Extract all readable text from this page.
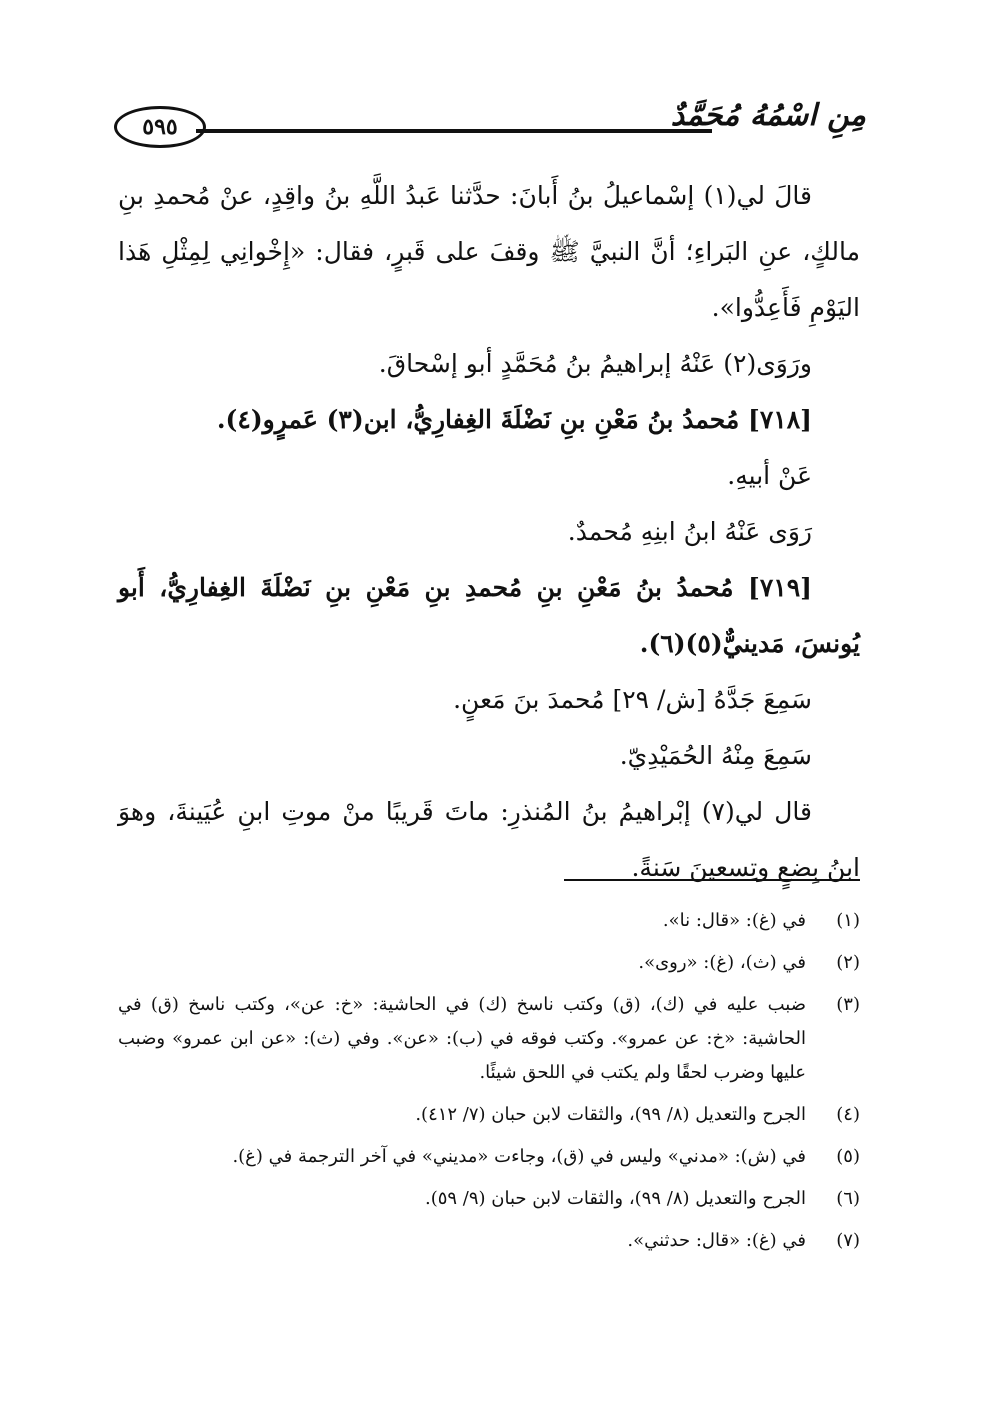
مِنِ اسْمُهُ مُحَمَّدٌ
٥٩٥

قالَ لي(١) إسْماعيلُ بنُ أَبانَ: حدَّثنا عَبدُ اللَّهِ بنُ واقِدٍ، عنْ مُحمدِ بنِ مالكٍ، عنِ البَراءِ؛ أنَّ النبيَّ ﷺ وقفَ على قَبرٍ، فقال: «إِخْوانِي لِمِثْلِ هَذا اليَوْمِ فَأَعِدُّوا».

ورَوَى(٢) عَنْهُ إبراهيمُ بنُ مُحَمَّدٍ أبو إسْحاقَ.

[٧١٨] مُحمدُ بنُ مَعْنِ بنِ نَضْلَةَ الغِفارِيُّ، ابن(٣) عَمرٍو(٤).

عَنْ أبيهِ.

رَوَى عَنْهُ ابنُ ابنِهِ مُحمدٌ.

[٧١٩] مُحمدُ بنُ مَعْنِ بنِ مُحمدِ بنِ مَعْنِ بنِ نَضْلَةَ الغِفارِيُّ، أَبو يُونسَ، مَدينيٌّ(٥)(٦).

سَمِعَ جَدَّهُ [ش/ ٢٩] مُحمدَ بنَ مَعنٍ.

سَمِعَ مِنْهُ الحُمَيْدِيّ.

قال لي(٧) إبْراهيمُ بنُ المُنذرِ: ماتَ قَريبًا منْ موتِ ابنِ عُيَينةَ، وهوَ ابنُ بِضعٍ وتِسعينَ سَنةً.

(١)
في (غ): «قال: نا».
(٢)
في (ث)، (غ): «روى».
(٣)
ضبب عليه في (ك)، (ق) وكتب ناسخ (ك) في الحاشية: «خ: عن»، وكتب ناسخ (ق) في الحاشية: «خ: عن عمرو». وكتب فوقه في (ب): «عن». وفي (ث): «عن ابن عمرو» وضبب عليها وضرب لحقًا ولم يكتب في اللحق شيئًا.
(٤)
الجرح والتعديل (٨/ ٩٩)، والثقات لابن حبان (٧/ ٤١٢).
(٥)
في (ش): «مدني» وليس في (ق)، وجاءت «مديني» في آخر الترجمة في (غ).
(٦)
الجرح والتعديل (٨/ ٩٩)، والثقات لابن حبان (٩/ ٥٩).
(٧)
في (غ): «قال: حدثني».
